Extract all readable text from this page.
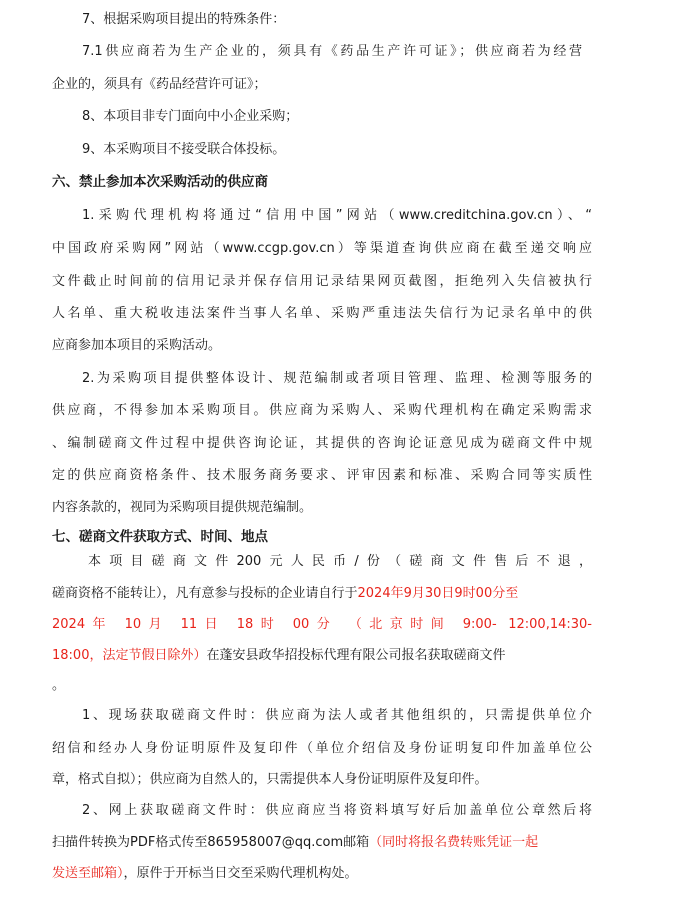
7、根据采购项目提出的特殊条件：
7.1供应商若为生产企业的，须具有《药品生产许可证》；供应商若为经营
企业的，须具有《药品经营许可证》；
8、本项目非专门面向中小企业采购；
9、本采购项目不接受联合体投标。
六、禁止参加本次采购活动的供应商
1.采购代理机构将通过“信用中国”网站（www.creditchina.gov.cn）、“
中国政府采购网”网站（www.ccgp.gov.cn）等渠道查询供应商在截至递交响应
文件截止时间前的信用记录并保存信用记录结果网页截图，拒绝列入失信被执行
人名单、重大税收违法案件当事人名单、采购严重违法失信行为记录名单中的供
应商参加本项目的采购活动。
2.为采购项目提供整体设计、规范编制或者项目管理、监理、检测等服务的
供应商，不得参加本采购项目。供应商为采购人、采购代理机构在确定采购需求
、编制磋商文件过程中提供咨询论证，其提供的咨询论证意见成为磋商文件中规
定的供应商资格条件、技术服务商务要求、评审因素和标准、采购合同等实质性
内容条款的，视同为采购项目提供规范编制。
七、磋商文件获取方式、时间、地点
本项目磋商文件200元人民币/份（磋商文件售后不退，
磋商资格不能转让），凡有意参与投标的企业请自行于2024年9月30日9时00分至
2024年 10月 11日 18时 00分 （北京时间 9:00- 12:00,14:30-
18:00，法定节假日除外）在蓬安县政华招投标代理有限公司报名获取磋商文件
。
1、现场获取磋商文件时：供应商为法人或者其他组织的，只需提供单位介
绍信和经办人身份证明原件及复印件（单位介绍信及身份证明复印件加盖单位公
章，格式自拟）；供应商为自然人的，只需提供本人身份证明原件及复印件。
2、网上获取磋商文件时：供应商应当将资料填写好后加盖单位公章然后将
扫描件转换为PDF格式传至865958007@qq.com邮箱（同时将报名费转账凭证一起
发送至邮箱），原件于开标当日交至采购代理机构处。
